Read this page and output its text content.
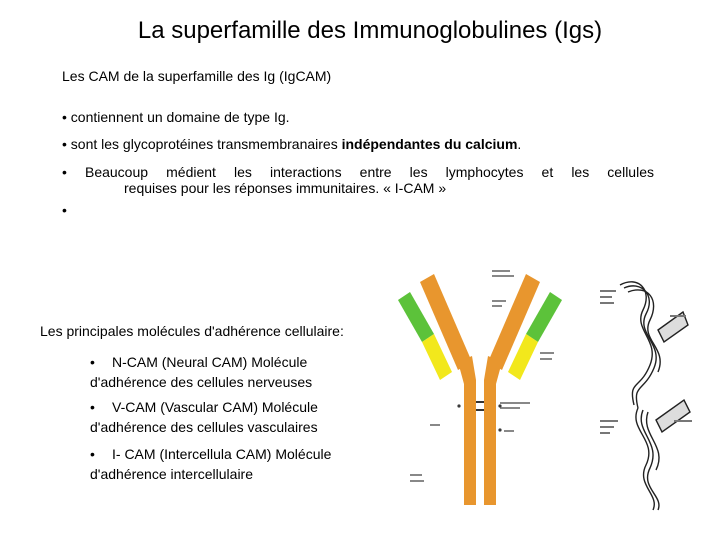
La superfamille des Immunoglobulines (Igs)
Les CAM de la superfamille des Ig (IgCAM)
• contiennent un domaine de type Ig.
• sont les glycoprotéines transmembranaires indépendantes du calcium.
• Beaucoup médient les interactions entre les lymphocytes et les cellules
requises pour les réponses immunitaires. « I-CAM »
•
Les principales molécules d'adhérence cellulaire:
• N-CAM (Neural CAM) Molécule
d'adhérence des cellules nerveuses
• V-CAM (Vascular CAM) Molécule
d'adhérence des cellules vasculaires
• I- CAM (Intercellula CAM) Molécule
d'adhérence intercellulaire
